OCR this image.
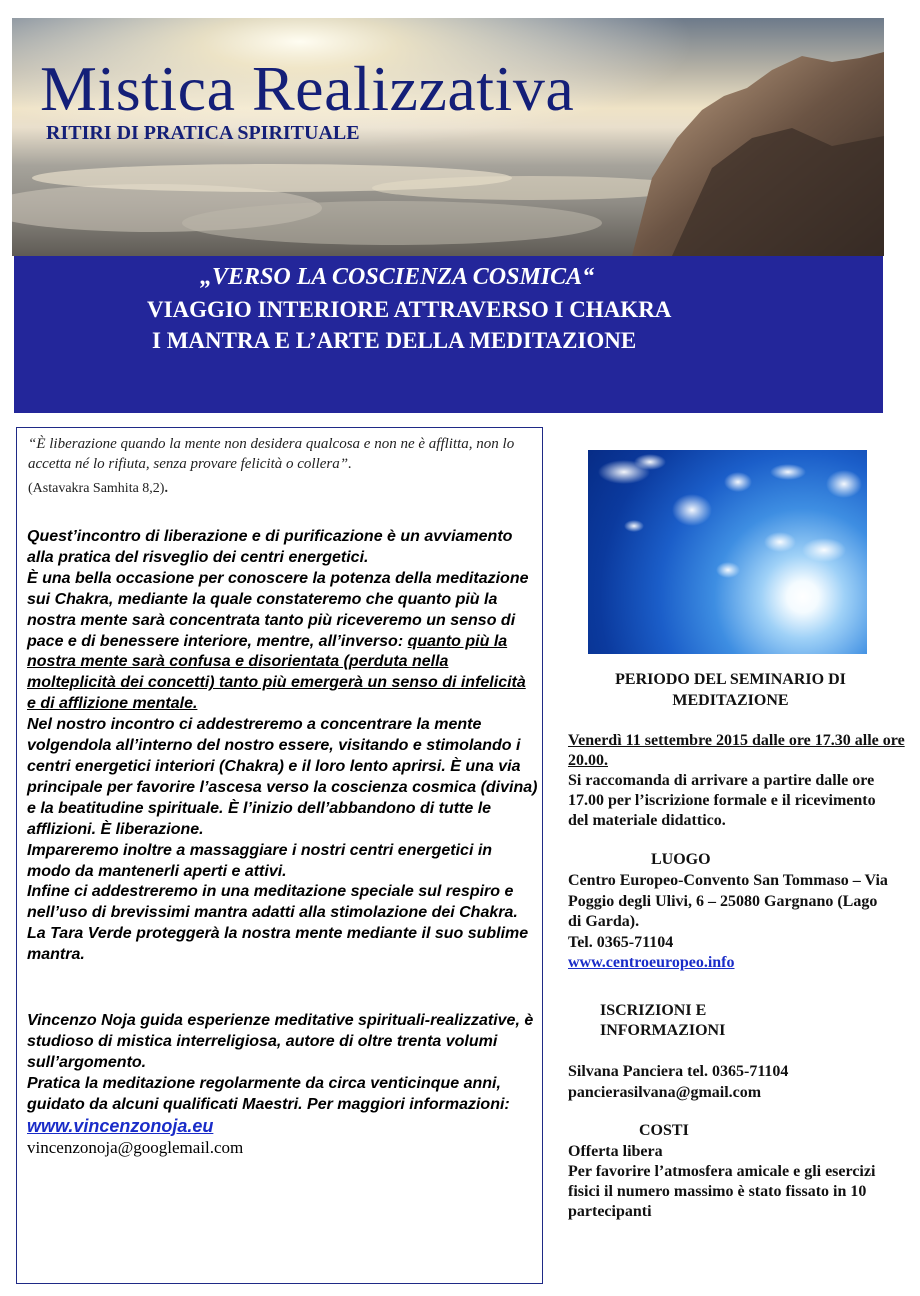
Mistica Realizzativa
RITIRI DI PRATICA SPIRITUALE
„VERSO LA COSCIENZA COSMICA“
VIAGGIO INTERIORE ATTRAVERSO I CHAKRA
I MANTRA E L’ARTE DELLA MEDITAZIONE
“È liberazione quando la mente non desidera qualcosa e non ne è afflitta, non lo accetta né lo rifiuta, senza provare felicità o collera”.
(Astavakra Samhita 8,2).

Quest’incontro di liberazione e di purificazione è un avviamento alla pratica del risveglio dei centri energetici.

È una bella occasione per conoscere la potenza della meditazione sui Chakra, mediante la quale constateremo che quanto più la nostra mente sarà concentrata tanto più riceveremo un senso di pace e di benessere interiore, mentre, all’inverso: quanto più la nostra mente sarà confusa e disorientata (perduta nella molteplicità dei concetti) tanto più emergerà un senso di infelicità e di afflizione mentale.

Nel nostro incontro ci addestreremo a concentrare la mente volgendola all’interno del nostro essere, visitando e stimolando i centri energetici interiori (Chakra) e il loro lento aprirsi. È una via principale per favorire l’ascesa verso la coscienza cosmica (divina) e la beatitudine spirituale. È l’inizio dell’abbandono di tutte le afflizioni. È liberazione.

Impareremo inoltre a massaggiare i nostri centri energetici in modo da mantenerli aperti e attivi.

Infine ci addestreremo in una meditazione speciale sul respiro e nell’uso di brevissimi mantra adatti alla stimolazione dei Chakra. La Tara Verde proteggerà la nostra mente mediante il suo sublime mantra.

Vincenzo Noja guida esperienze meditative spirituali-realizzative, è studioso di mistica interreligiosa, autore di oltre trenta volumi sull’argomento.

Pratica la meditazione regolarmente da circa venticinque anni, guidato da alcuni qualificati Maestri. Per maggiori informazioni: www.vincenzonoja.eu

vincenzonoja@googlemail.com

PERIODO DEL SEMINARIO DI MEDITAZIONE
Venerdì 11 settembre 2015 dalle ore 17.30 alle ore 20.00.
Si raccomanda di arrivare a partire dalle ore 17.00 per l’iscrizione formale e il ricevimento del materiale didattico.
LUOGO
Centro Europeo-Convento San Tommaso – Via Poggio degli Ulivi, 6 – 25080 Gargnano (Lago di Garda).
Tel. 0365-71104
www.centroeuropeo.info
ISCRIZIONI E INFORMAZIONI
Silvana Panciera tel. 0365-71104
pancierasilvana@gmail.com
COSTI
Offerta libera
Per favorire l’atmosfera amicale e gli esercizi fisici il numero massimo è stato fissato in 10 partecipanti
